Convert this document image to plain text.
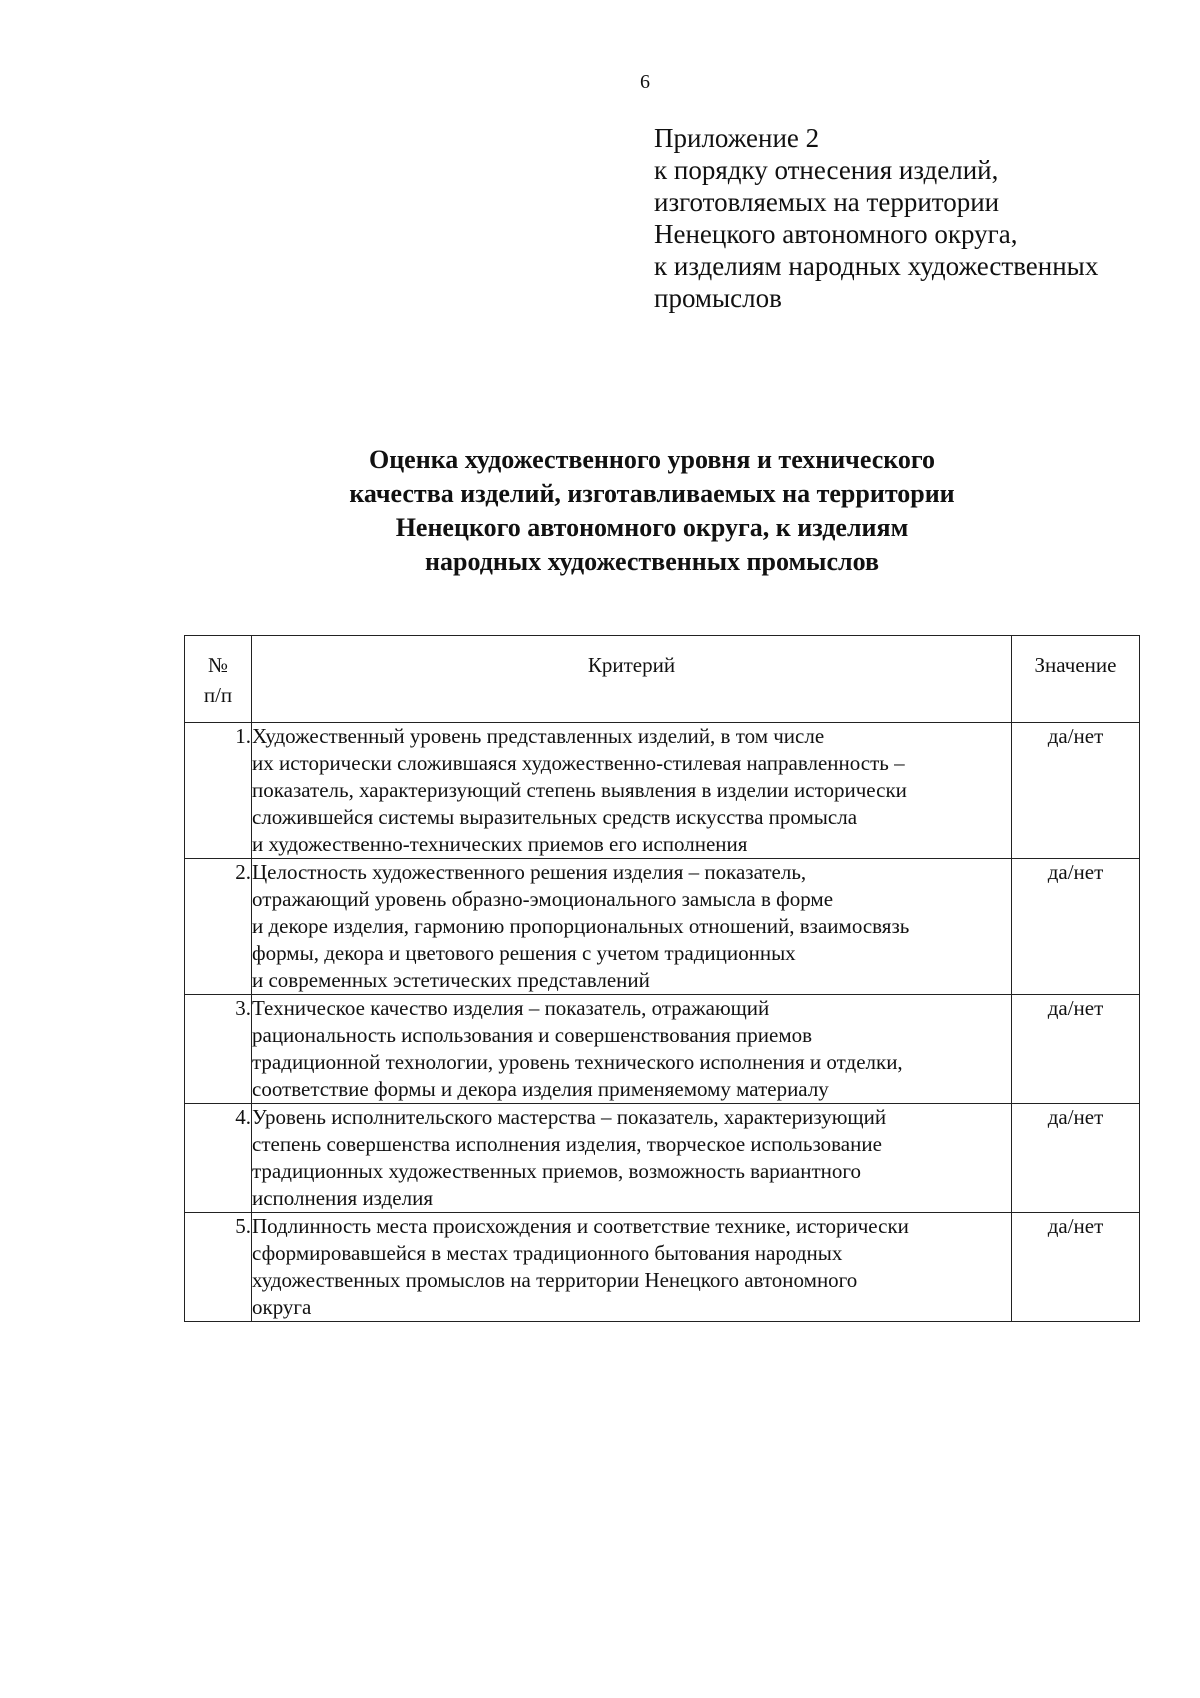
6
Приложение 2
к порядку отнесения изделий,
изготовляемых на территории
Ненецкого автономного округа,
к изделиям народных художественных
промыслов
Оценка художественного уровня и технического
качества изделий, изготавливаемых на территории
Ненецкого автономного округа, к изделиям
народных художественных промыслов
№
п/п	Критерий	Значение
1.	Художественный уровень представленных изделий, в том числе
их исторически сложившаяся художественно-стилевая направленность –
показатель, характеризующий степень выявления в изделии исторически
сложившейся системы выразительных средств искусства промысла
и художественно-технических приемов его исполнения	да/нет
2.	Целостность художественного решения изделия – показатель,
отражающий уровень образно-эмоционального замысла в форме
и декоре изделия, гармонию пропорциональных отношений, взаимосвязь
формы, декора и цветового решения с учетом традиционных
и современных эстетических представлений	да/нет
3.	Техническое качество изделия – показатель, отражающий
рациональность использования и совершенствования приемов
традиционной технологии, уровень технического исполнения и отделки,
соответствие формы и декора изделия применяемому материалу	да/нет
4.	Уровень исполнительского мастерства – показатель, характеризующий
степень совершенства исполнения изделия, творческое использование
традиционных художественных приемов, возможность вариантного
исполнения изделия	да/нет
5.	Подлинность места происхождения и соответствие технике, исторически
сформировавшейся в местах традиционного бытования народных
художественных промыслов на территории Ненецкого автономного
округа	да/нет
